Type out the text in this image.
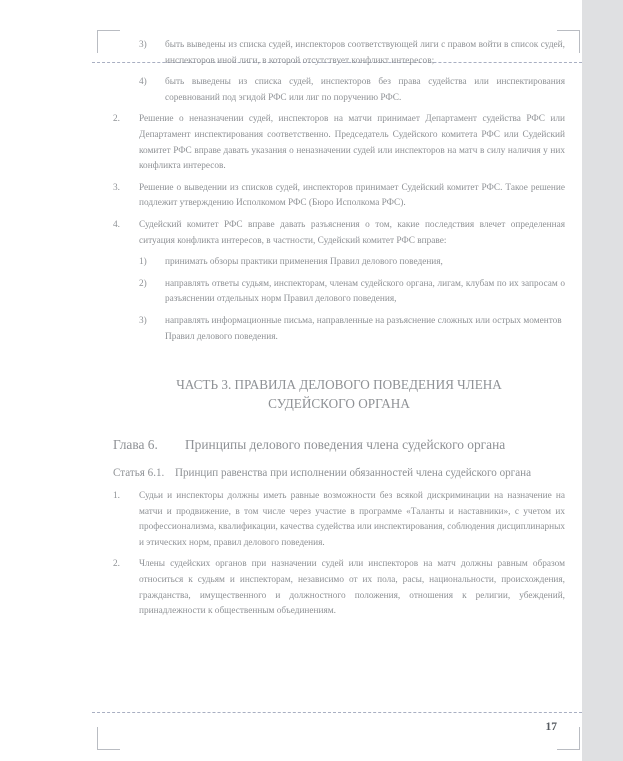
3)	быть выведены из списка судей, инспекторов соответствующей лиги с правом войти в список судей, инспекторов иной лиги, в которой отсутствует конфликт интересов;
4)	быть выведены из списка судей, инспекторов без права судейства или инспектирования соревнований под эгидой РФС или лиг по поручению РФС.
2.	Решение о неназначении судей, инспекторов на матчи принимает Департамент судейства РФС или Департамент инспектирования соответственно. Председатель Судейского комитета РФС или Судейский комитет РФС вправе давать указания о неназначении судей или инспекторов на матч в силу наличия у них конфликта интересов.
3.	Решение о выведении из списков судей, инспекторов принимает Судейский комитет РФС. Такое решение подлежит утверждению Исполкомом РФС (Бюро Исполкома РФС).
4.	Судейский комитет РФС вправе давать разъяснения о том, какие последствия влечет определенная ситуация конфликта интересов, в частности, Судейский комитет РФС вправе:
1)	принимать обзоры практики применения Правил делового поведения,
2)	направлять ответы судьям, инспекторам, членам судейского органа, лигам, клубам по их запросам о разъяснении отдельных норм Правил делового поведения,
3)	направлять информационные письма, направленные на разъяснение сложных или острых моментов Правил делового поведения.
ЧАСТЬ 3. ПРАВИЛА ДЕЛОВОГО ПОВЕДЕНИЯ ЧЛЕНА СУДЕЙСКОГО ОРГАНА
Глава 6. Принципы делового поведения члена судейского органа
Статья 6.1. Принцип равенства при исполнении обязанностей члена судейского органа
1.	Судьи и инспекторы должны иметь равные возможности без всякой дискриминации на назначение на матчи и продвижение, в том числе через участие в программе «Таланты и наставники», с учетом их профессионализма, квалификации, качества судейства или инспектирования, соблюдения дисциплинарных и этических норм, правил делового поведения.
2.	Члены судейских органов при назначении судей или инспекторов на матч должны равным образом относиться к судьям и инспекторам, независимо от их пола, расы, национальности, происхождения, гражданства, имущественного и должностного положения, отношения к религии, убеждений, принадлежности к общественным объединениям.
17
